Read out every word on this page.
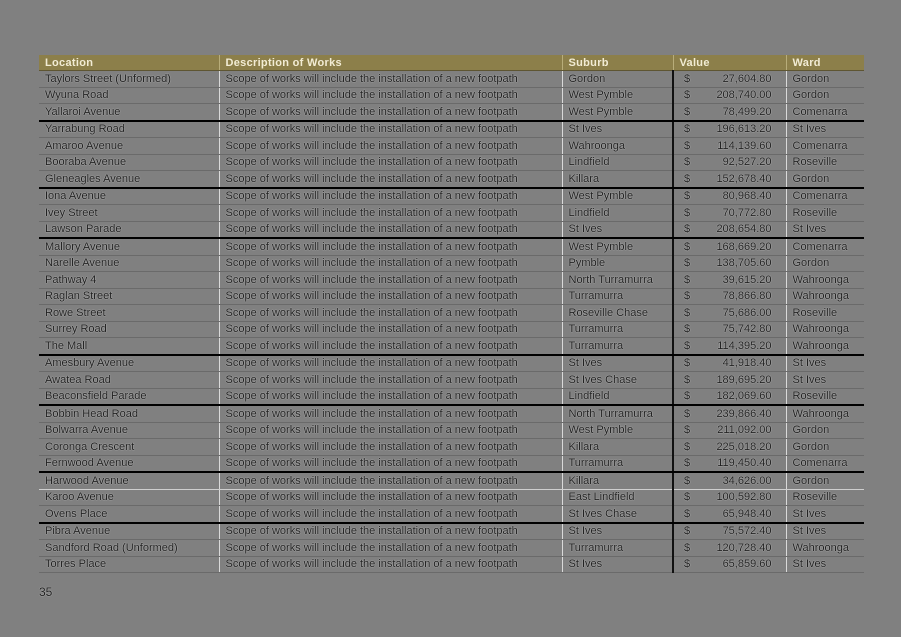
Location	Description of Works	Suburb	Value	Ward
Taylors Street (Unformed)	Scope of works will include the installation of a new footpath	Gordon	$ 27,604.80	Gordon
Wyuna Road	Scope of works will include the installation of a new footpath	West Pymble	$ 208,740.00	Gordon
Yallaroi Avenue	Scope of works will include the installation of a new footpath	West Pymble	$ 78,499.20	Comenarra
Yarrabung Road	Scope of works will include the installation of a new footpath	St Ives	$ 196,613.20	St Ives
Amaroo Avenue	Scope of works will include the installation of a new footpath	Wahroonga	$ 114,139.60	Comenarra
Booraba Avenue	Scope of works will include the installation of a new footpath	Lindfield	$ 92,527.20	Roseville
Gleneagles Avenue	Scope of works will include the installation of a new footpath	Killara	$ 152,678.40	Gordon
Iona Avenue	Scope of works will include the installation of a new footpath	West Pymble	$ 80,968.40	Comenarra
Ivey Street	Scope of works will include the installation of a new footpath	Lindfield	$ 70,772.80	Roseville
Lawson Parade	Scope of works will include the installation of a new footpath	St Ives	$ 208,654.80	St Ives
Mallory Avenue	Scope of works will include the installation of a new footpath	West Pymble	$ 168,669.20	Comenarra
Narelle Avenue	Scope of works will include the installation of a new footpath	Pymble	$ 138,705.60	Gordon
Pathway 4	Scope of works will include the installation of a new footpath	North Turramurra	$ 39,615.20	Wahroonga
Raglan Street	Scope of works will include the installation of a new footpath	Turramurra	$ 78,866.80	Wahroonga
Rowe Street	Scope of works will include the installation of a new footpath	Roseville Chase	$ 75,686.00	Roseville
Surrey Road	Scope of works will include the installation of a new footpath	Turramurra	$ 75,742.80	Wahroonga
The Mall	Scope of works will include the installation of a new footpath	Turramurra	$ 114,395.20	Wahroonga
Amesbury Avenue	Scope of works will include the installation of a new footpath	St Ives	$ 41,918.40	St Ives
Awatea Road	Scope of works will include the installation of a new footpath	St Ives Chase	$ 189,695.20	St Ives
Beaconsfield Parade	Scope of works will include the installation of a new footpath	Lindfield	$ 182,069.60	Roseville
Bobbin Head Road	Scope of works will include the installation of a new footpath	North Turramurra	$ 239,866.40	Wahroonga
Bolwarra Avenue	Scope of works will include the installation of a new footpath	West Pymble	$ 211,092.00	Gordon
Coronga Crescent	Scope of works will include the installation of a new footpath	Killara	$ 225,018.20	Gordon
Fernwood Avenue	Scope of works will include the installation of a new footpath	Turramurra	$ 119,450.40	Comenarra
Harwood Avenue	Scope of works will include the installation of a new footpath	Killara	$ 34,626.00	Gordon
Karoo Avenue	Scope of works will include the installation of a new footpath	East Lindfield	$ 100,592.80	Roseville
Ovens Place	Scope of works will include the installation of a new footpath	St Ives Chase	$ 65,948.40	St Ives
Pibra Avenue	Scope of works will include the installation of a new footpath	St Ives	$ 75,572.40	St Ives
Sandford Road (Unformed)	Scope of works will include the installation of a new footpath	Turramurra	$ 120,728.40	Wahroonga
Torres Place	Scope of works will include the installation of a new footpath	St Ives	$ 65,859.60	St Ives
35
